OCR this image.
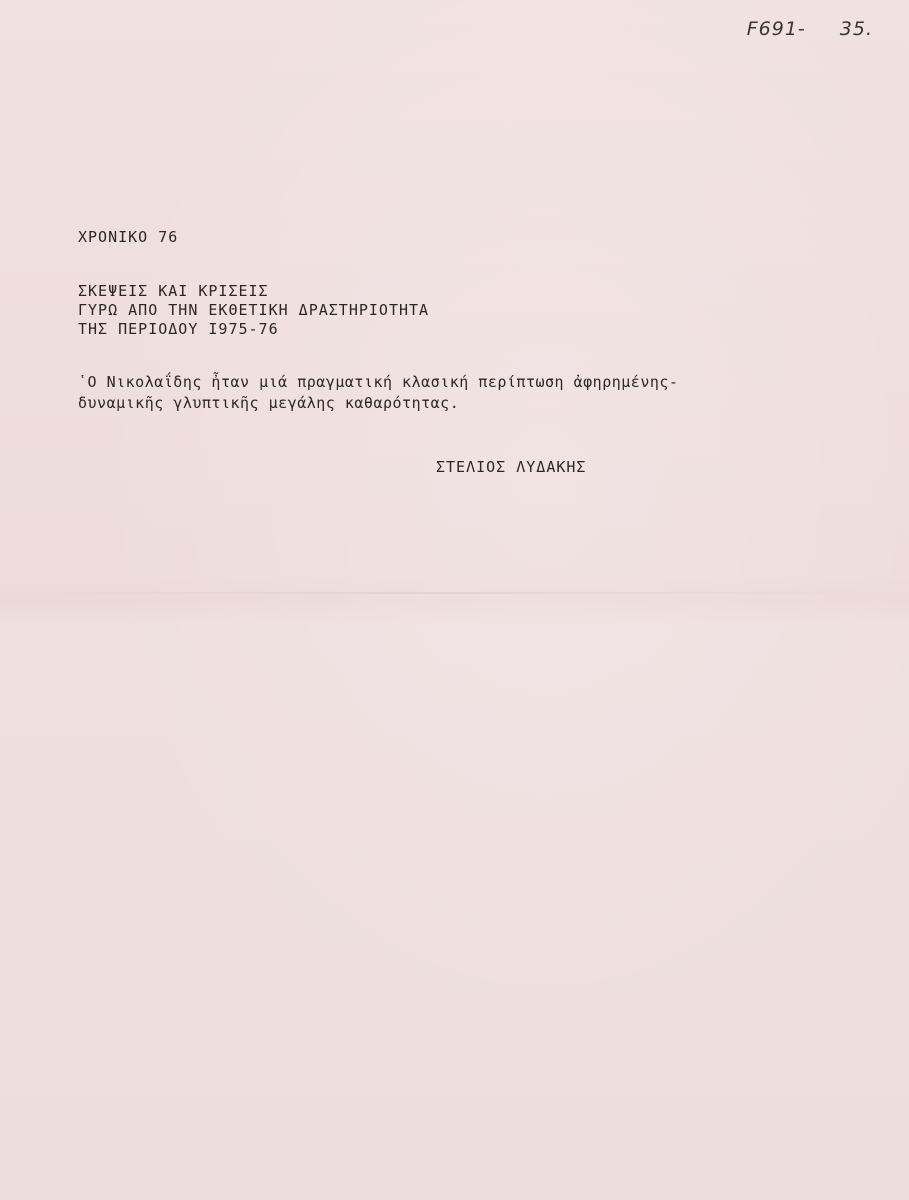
F691- 35.
ΧΡΟΝΙΚΟ 76
ΣΚΕΨΕΙΣ ΚΑΙ ΚΡΙΣΕΙΣ
ΓΥΡΩ ΑΠΟ ΤΗΝ ΕΚΘΕΤΙΚΗ ΔΡΑΣΤΗΡΙΟΤΗΤΑ
ΤΗΣ ΠΕΡΙΟΔΟΥ Ι975-76
῾Ο Νικολαΐδης ἦταν μιά πραγματική κλασική περίπτωση ἀφηρημένης-
δυναμικῆς γλυπτικῆς μεγάλης καθαρότητας.
ΣΤΕΛΙΟΣ ΛΥΔΑΚΗΣ
